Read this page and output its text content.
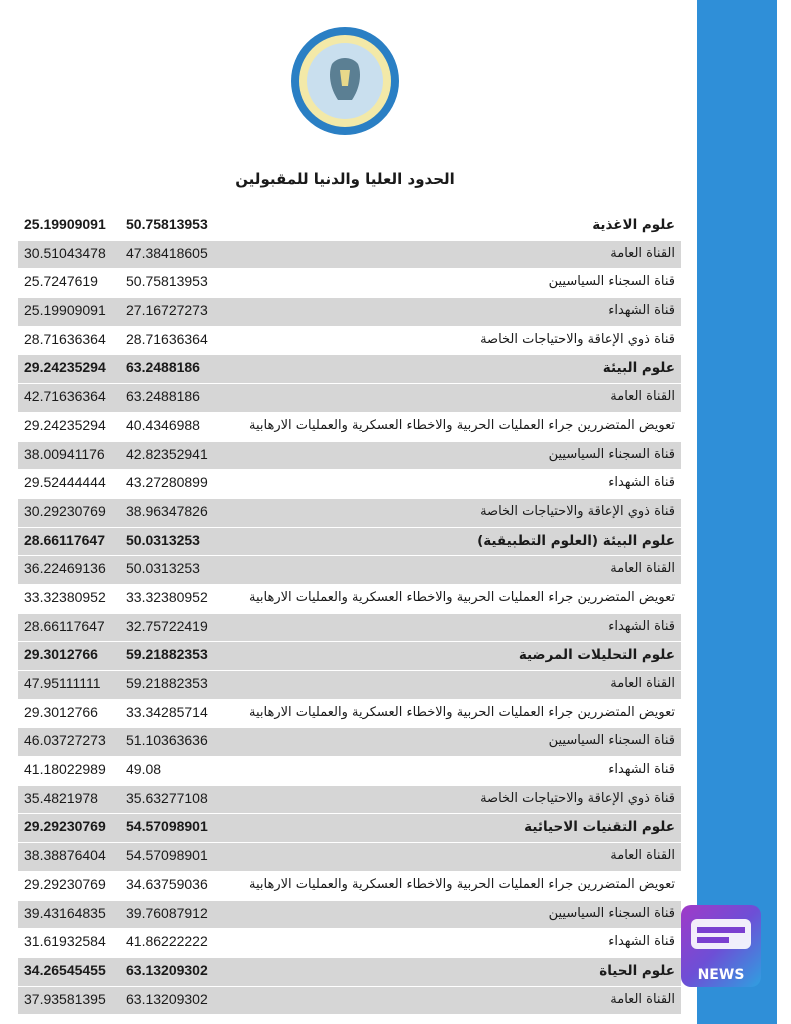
الحدود العليا والدنيا للمقبولين
علوم الاغذية
50.75813953
25.19909091
القناة العامة
47.38418605
30.51043478
قناة السجناء السياسيين
50.75813953
25.7247619
قناة الشهداء
27.16727273
25.19909091
قناة ذوي الإعاقة والاحتياجات الخاصة
28.71636364
28.71636364
علوم البيئة
63.2488186
29.24235294
القناة العامة
63.2488186
42.71636364
تعويض المتضررين جراء العمليات الحربية والاخطاء العسكرية والعمليات الارهابية
40.4346988
29.24235294
قناة السجناء السياسيين
42.82352941
38.00941176
قناة الشهداء
43.27280899
29.52444444
قناة ذوي الإعاقة والاحتياجات الخاصة
38.96347826
30.29230769
علوم البيئة (العلوم التطبيقية)
50.0313253
28.66117647
القناة العامة
50.0313253
36.22469136
تعويض المتضررين جراء العمليات الحربية والاخطاء العسكرية والعمليات الارهابية
33.32380952
33.32380952
قناة الشهداء
32.75722419
28.66117647
علوم التحليلات المرضية
59.21882353
29.3012766
القناة العامة
59.21882353
47.95111111
تعويض المتضررين جراء العمليات الحربية والاخطاء العسكرية والعمليات الارهابية
33.34285714
29.3012766
قناة السجناء السياسيين
51.10363636
46.03727273
قناة الشهداء
49.08
41.18022989
قناة ذوي الإعاقة والاحتياجات الخاصة
35.63277108
35.4821978
علوم التقنيات الاحيائية
54.57098901
29.29230769
القناة العامة
54.57098901
38.38876404
تعويض المتضررين جراء العمليات الحربية والاخطاء العسكرية والعمليات الارهابية
34.63759036
29.29230769
قناة السجناء السياسيين
39.76087912
39.43164835
قناة الشهداء
41.86222222
31.61932584
علوم الحياة
63.13209302
34.26545455
القناة العامة
63.13209302
37.93581395
NEWS
